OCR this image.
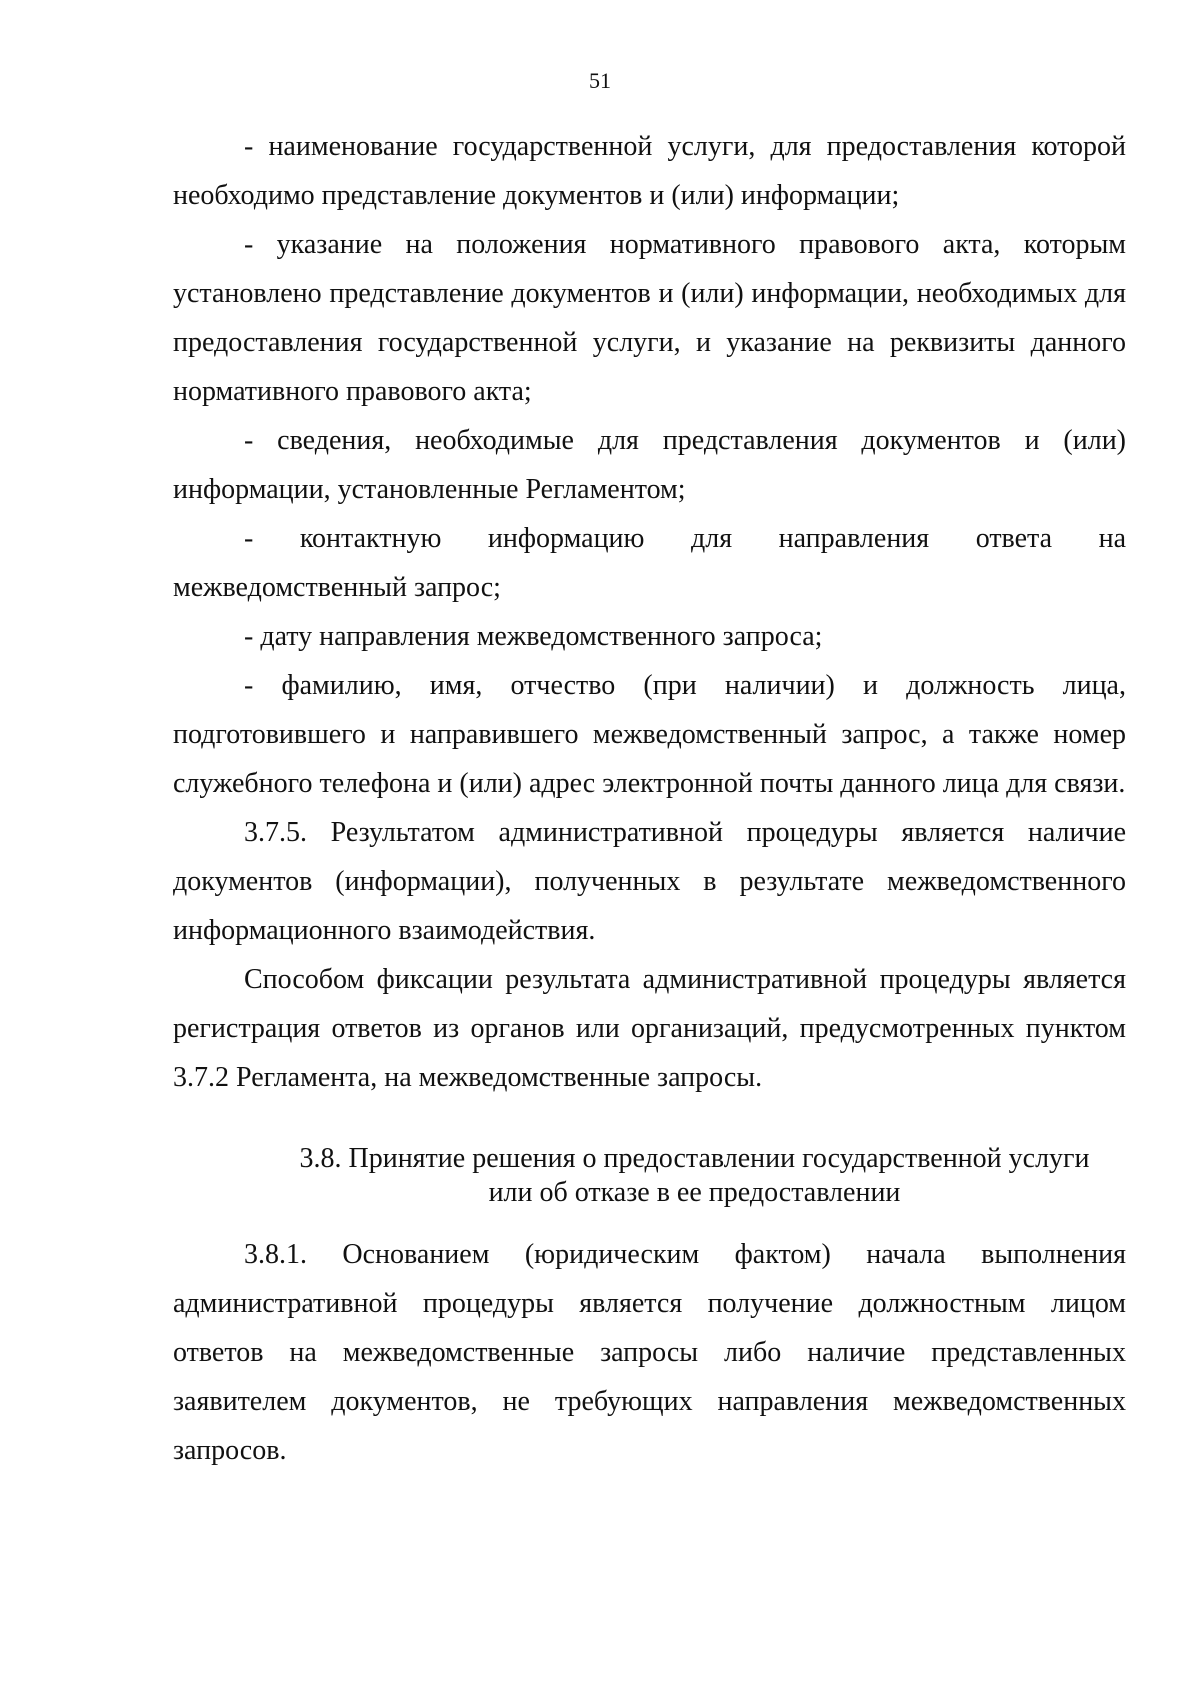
51

- наименование государственной услуги, для предоставления которой необходимо представление документов и (или) информации;

- указание на положения нормативного правового акта, которым установлено представление документов и (или) информации, необходимых для предоставления государственной услуги, и указание на реквизиты данного нормативного правового акта;

- сведения, необходимые для представления документов и (или) информации, установленные Регламентом;

- контактную информацию для направления ответа на межведомственный запрос;

- дату направления межведомственного запроса;

- фамилию, имя, отчество (при наличии) и должность лица, подготовившего и направившего межведомственный запрос, а также номер служебного телефона и (или) адрес электронной почты данного лица для связи.

3.7.5. Результатом административной процедуры является наличие документов (информации), полученных в результате межведомственного информационного взаимодействия.

Способом фиксации результата административной процедуры является регистрация ответов из органов или организаций, предусмотренных пунктом 3.7.2 Регламента, на межведомственные запросы.

3.8. Принятие решения о предоставлении государственной услуги
или об отказе в ее предоставлении

3.8.1. Основанием (юридическим фактом) начала выполнения административной процедуры является получение должностным лицом ответов на межведомственные запросы либо наличие представленных заявителем документов, не требующих направления межведомственных запросов.
